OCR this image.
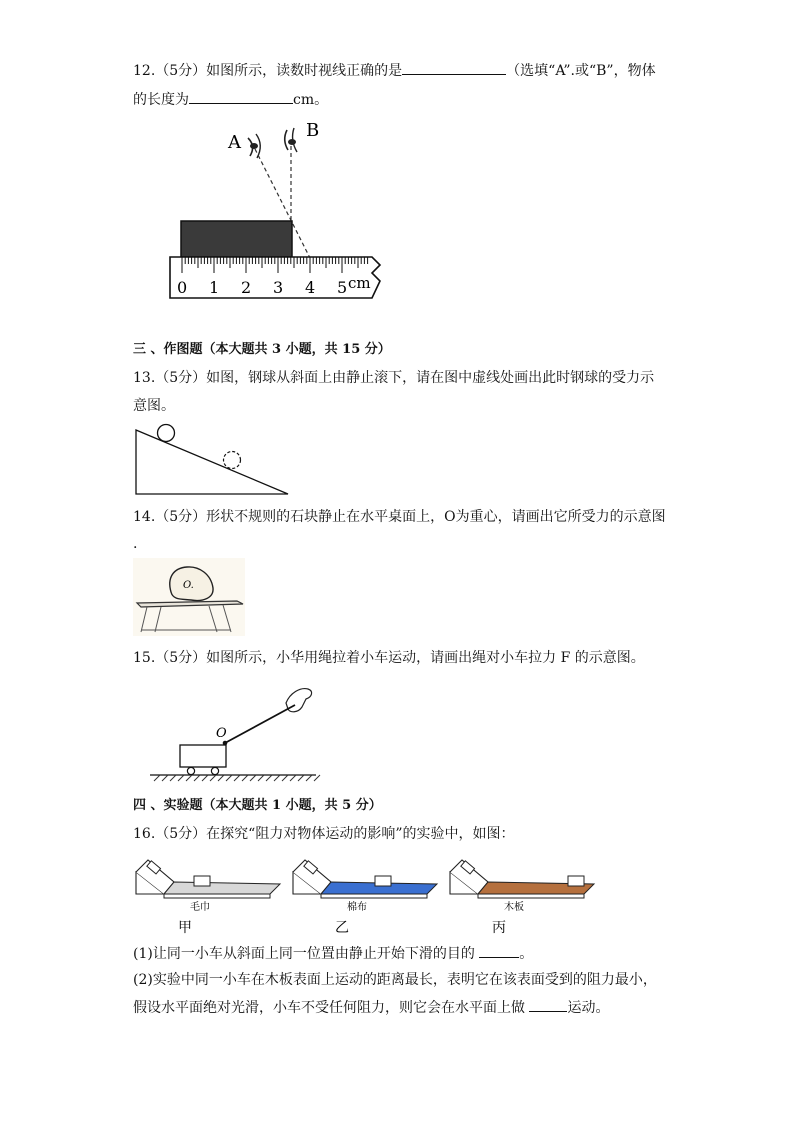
12.（5分）如图所示，读数时视线正确的是	（选填“A”.或“B”，物体
的长度为	cm。
A
B
0 1 2 3 4 5 cm
三 、作图题（本大题共 3 小题，共 15 分）
13.（5分）如图，钢球从斜面上由静止滚下，请在图中虚线处画出此时钢球的受力示
意图。
14.（5分）形状不规则的石块静止在水平桌面上，O为重心，请画出它所受力的示意图
.
O.
15.（5分）如图所示，小华用绳拉着小车运动，请画出绳对小车拉力 F 的示意图。
O
四 、实验题（本大题共 1 小题，共 5 分）
16.（5分）在探究“阻力对物体运动的影响”的实验中，如图：
毛巾
甲
棉布
乙
木板
丙
(1)让同一小车从斜面上同一位置由静止开始下滑的目的	。
(2)实验中同一小车在木板表面上运动的距离最长，表明它在该表面受到的阻力最小，
假设水平面绝对光滑，小车不受任何阻力，则它会在水平面上做	运动。
